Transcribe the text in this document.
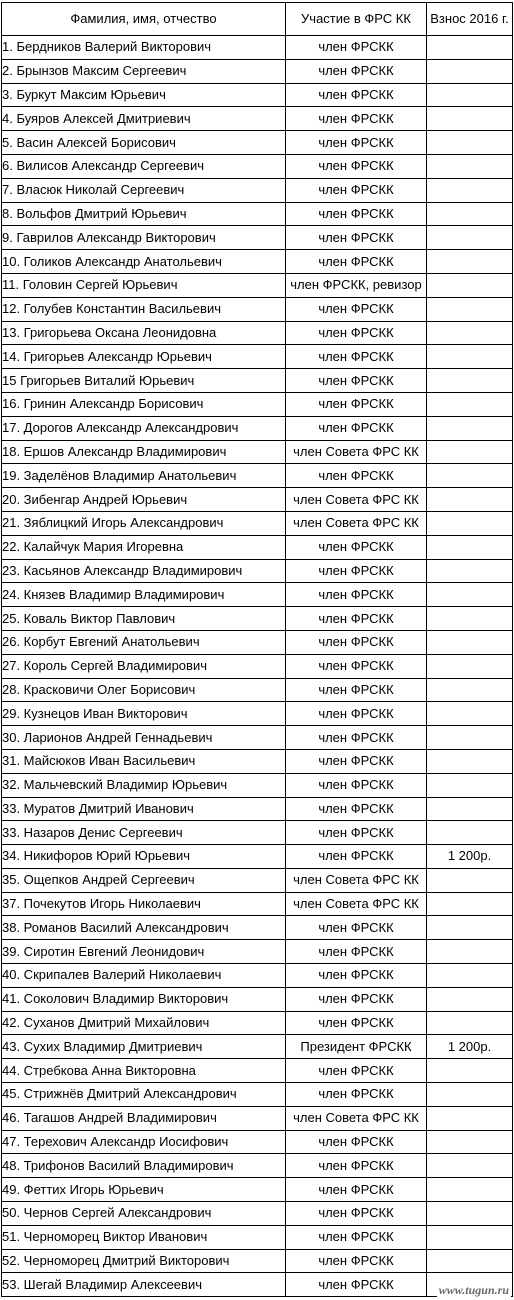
Фамилия, имя, отчество	Участие в ФРС КК	Взнос 2016 г.
1. Бердников Валерий Викторович	член ФРСКК	
2. Брынзов Максим Сергеевич	член ФРСКК	
3. Буркут Максим Юрьевич	член ФРСКК	
4. Буяров Алексей Дмитриевич	член ФРСКК	
5. Васин Алексей Борисович	член ФРСКК	
6. Вилисов Александр Сергеевич	член ФРСКК	
7. Власюк Николай Сергеевич	член ФРСКК	
8. Вольфов Дмитрий Юрьевич	член ФРСКК	
9. Гаврилов Александр Викторович	член ФРСКК	
10. Голиков Александр Анатольевич	член ФРСКК	
11. Головин Сергей Юрьевич	член ФРСКК, ревизор	
12. Голубев Константин Васильевич	член ФРСКК	
13. Григорьева Оксана Леонидовна	член ФРСКК	
14. Григорьев Александр Юрьевич	член ФРСКК	
15 Григорьев Виталий Юрьевич	член ФРСКК	
16. Гринин Александр Борисович	член ФРСКК	
17. Дорогов Александр Александрович	член ФРСКК	
18. Ершов Александр Владимирович	член Совета ФРС КК	
19. Заделёнов Владимир Анатольевич	член ФРСКК	
20. Зибенгар Андрей Юрьевич	член Совета ФРС КК	
21. Зяблицкий Игорь Александрович	член Совета ФРС КК	
22. Калайчук Мария Игоревна	член ФРСКК	
23. Касьянов Александр Владимирович	член ФРСКК	
24. Князев Владимир Владимирович	член ФРСКК	
25. Коваль Виктор Павлович	член ФРСКК	
26. Корбут Евгений Анатольевич	член ФРСКК	
27. Король Сергей Владимирович	член ФРСКК	
28. Красковичи Олег Борисович	член ФРСКК	
29. Кузнецов Иван Викторович	член ФРСКК	
30. Ларионов Андрей Геннадьевич	член ФРСКК	
31. Майсюков Иван Васильевич	член ФРСКК	
32. Мальчевский Владимир Юрьевич	член ФРСКК	
33. Муратов Дмитрий Иванович	член ФРСКК	
33. Назаров Денис Сергеевич	член ФРСКК	
34. Никифоров Юрий Юрьевич	член ФРСКК	1 200р.
35. Ощепков Андрей Сергеевич	член Совета ФРС КК	
37. Почекутов Игорь Николаевич	член Совета ФРС КК	
38. Романов Василий Александрович	член ФРСКК	
39. Сиротин Евгений Леонидович	член ФРСКК	
40. Скрипалев Валерий Николаевич	член ФРСКК	
41. Соколович Владимир Викторович	член ФРСКК	
42. Суханов Дмитрий Михайлович	член ФРСКК	
43. Сухих Владимир Дмитриевич	Президент ФРСКК	1 200р.
44. Стребкова Анна Викторовна	член ФРСКК	
45. Стрижнёв Дмитрий Александрович	член ФРСКК	
46. Тагашов Андрей Владимирович	член Совета ФРС КК	
47. Терехович Александр Иосифович	член ФРСКК	
48. Трифонов Василий Владимирович	член ФРСКК	
49. Феттих Игорь Юрьевич	член ФРСКК	
50. Чернов Сергей Александрович	член ФРСКК	
51. Черноморец Виктор Иванович	член ФРСКК	
52. Черноморец Дмитрий Викторович	член ФРСКК	
53. Шегай Владимир Алексеевич	член ФРСКК		www.tugun.ru
